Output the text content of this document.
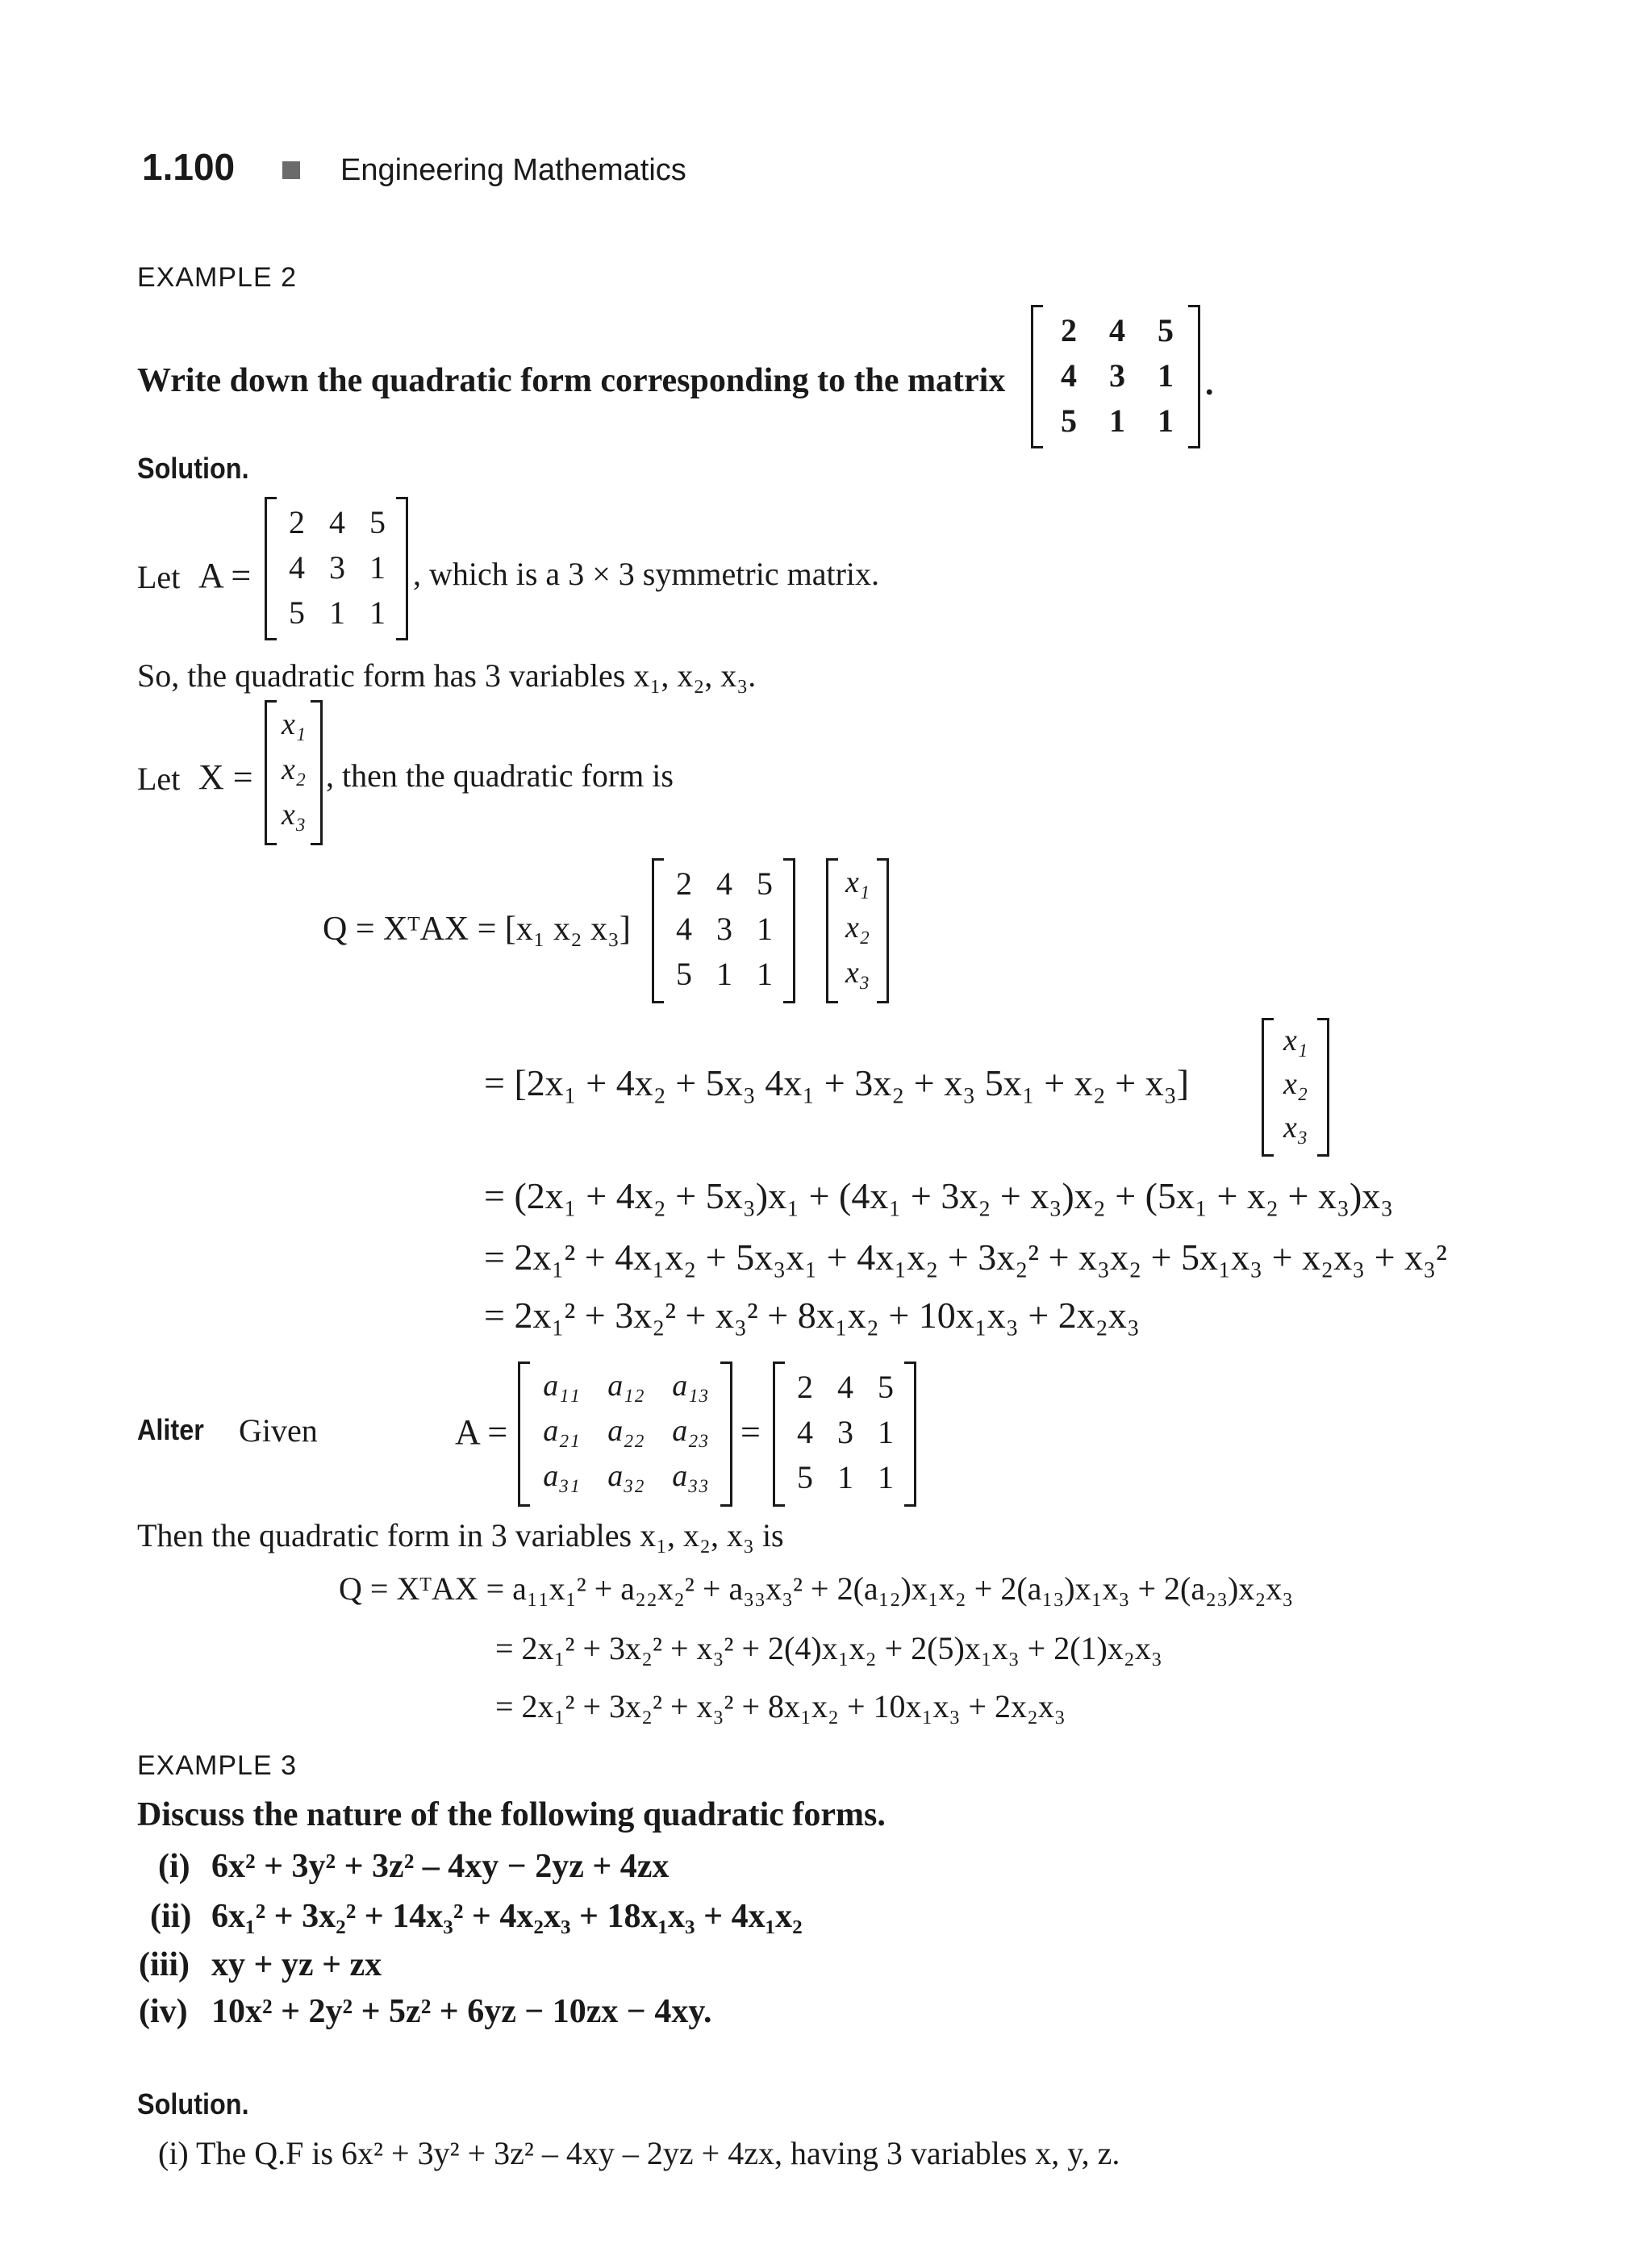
1.100	Engineering Mathematics
EXAMPLE 2
Write down the quadratic form corresponding to the matrix
2	4	5
4	3	1
5	1	1
.
Solution.
Let A =
2 4 5
4 3 1
5 1 1
, which is a 3 × 3 symmetric matrix.
So, the quadratic form has 3 variables x₁, x₂, x₃.
Let X =
x₁
x₂
x₃
, then the quadratic form is
Q = XᵀAX = [x₁ x₂ x₃]
2 4 5
4 3 1
5 1 1
x₁
x₂
x₃
= [2x₁ + 4x₂ + 5x₃ 4x₁ + 3x₂ + x₃ 5x₁ + x₂ + x₃]
x₁
x₂
x₃
= (2x₁ + 4x₂ + 5x₃)x₁ + (4x₁ + 3x₂ + x₃)x₂ + (5x₁ + x₂ + x₃)x₃
= 2x₁² + 4x₁x₂ + 5x₃x₁ + 4x₁x₂ + 3x₂² + x₃x₂ + 5x₁x₃ + x₂x₃ + x₃²
= 2x₁² + 3x₂² + x₃² + 8x₁x₂ + 10x₁x₃ + 2x₂x₃
Aliter Given	A =
a₁₁ a₁₂ a₁₃
a₂₁ a₂₂ a₂₃
a₃₁ a₃₂ a₃₃
=
2 4 5
4 3 1
5 1 1
Then the quadratic form in 3 variables x₁, x₂, x₃ is
Q = XᵀAX = a₁₁x₁² + a₂₂x₂² + a₃₃x₃² + 2(a₁₂)x₁x₂ + 2(a₁₃)x₁x₃ + 2(a₂₃)x₂x₃
= 2x₁² + 3x₂² + x₃² + 2(4)x₁x₂ + 2(5)x₁x₃ + 2(1)x₂x₃
= 2x₁² + 3x₂² + x₃² + 8x₁x₂ + 10x₁x₃ + 2x₂x₃
EXAMPLE 3
Discuss the nature of the following quadratic forms.
(i) 6x² + 3y² + 3z² – 4xy − 2yz + 4zx
(ii) 6x₁² + 3x₂² + 14x₃² + 4x₂x₃ + 18x₁x₃ + 4x₁x₂
(iii) xy + yz + zx
(iv) 10x² + 2y² + 5z² + 6yz − 10zx − 4xy.
Solution.
(i) The Q.F is 6x² + 3y² + 3z² – 4xy – 2yz + 4zx, having 3 variables x, y, z.
